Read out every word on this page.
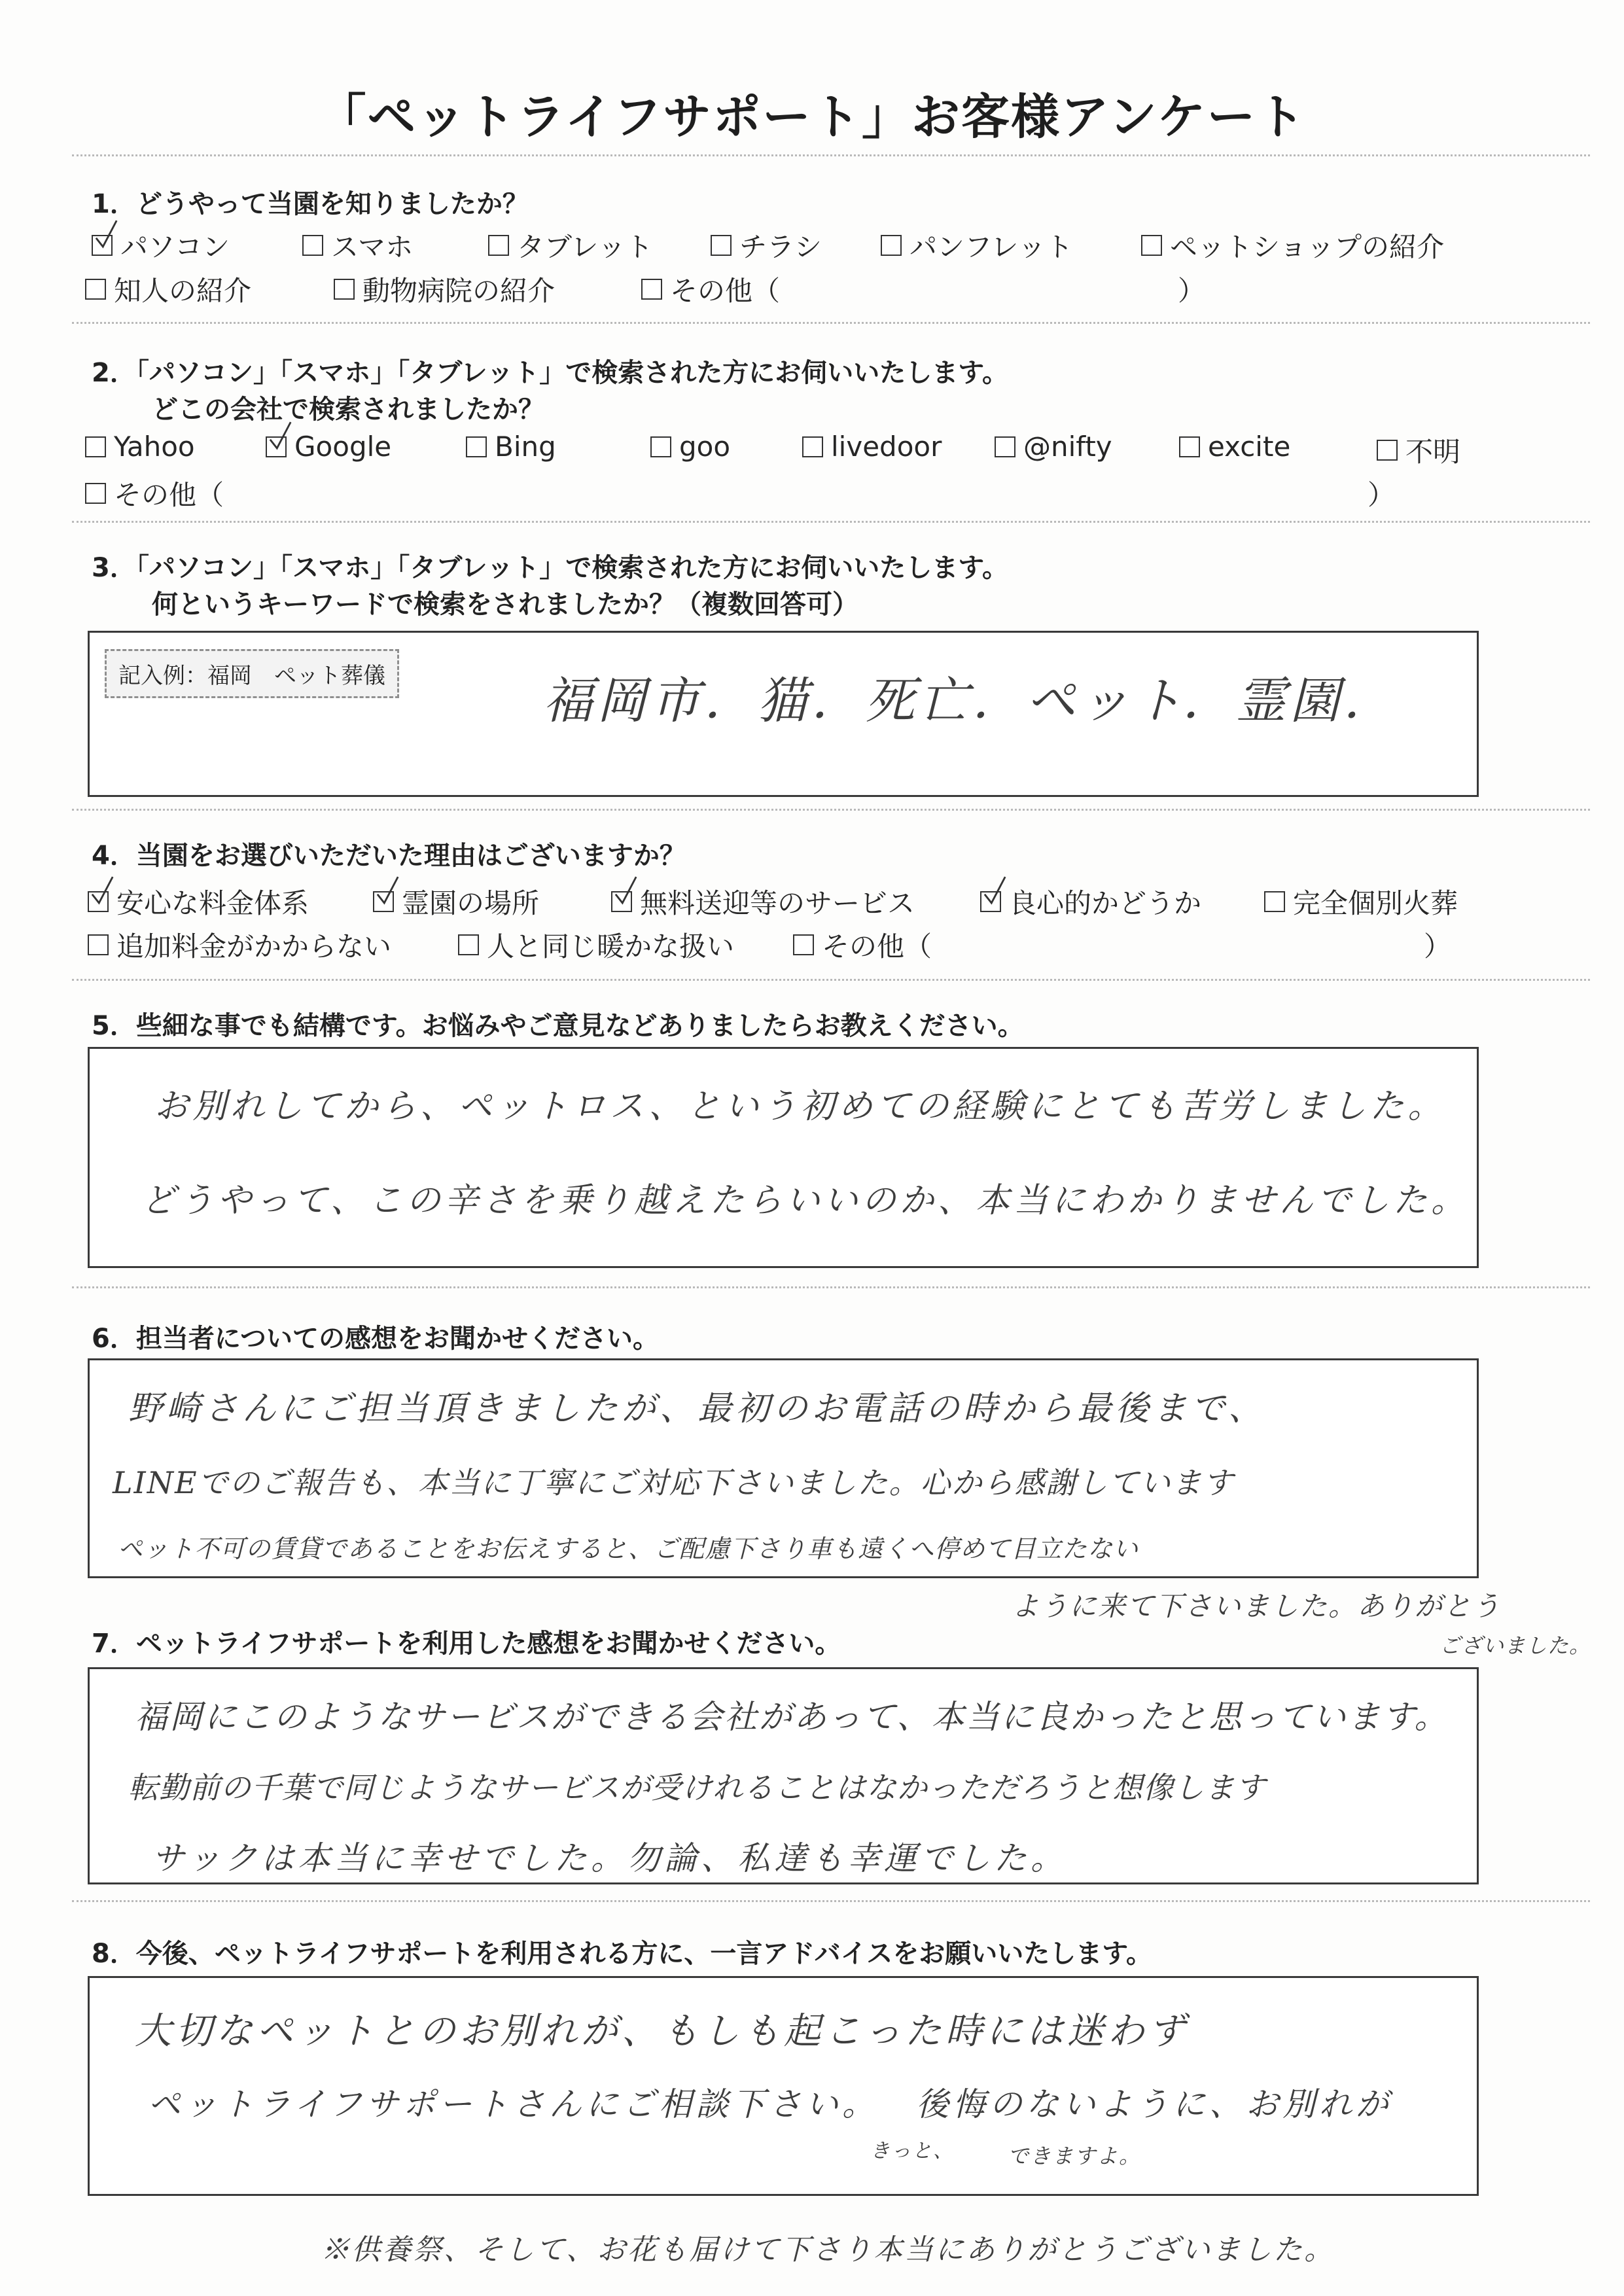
「ペットライフサポート」お客様アンケート
1．どうやって当園を知りましたか？
パソコン	スマホ	タブレット	チラシ	パンフレット	ペットショップの紹介
知人の紹介	動物病院の紹介	その他（	）
2．「パソコン」「スマホ」「タブレット」で検索された方にお伺いいたします。
どこの会社で検索されましたか？
Yahoo	Google	Bing	goo	livedoor	@nifty	excite	不明
その他（	）
3．「パソコン」「スマホ」「タブレット」で検索された方にお伺いいたします。
何というキーワードで検索をされましたか？（複数回答可）
記入例：福岡　ペット葬儀	福岡市．猫．死亡．ペット．霊園．
4．当園をお選びいただいた理由はございますか？
安心な料金体系	霊園の場所	無料送迎等のサービス	良心的かどうか	完全個別火葬
追加料金がかからない	人と同じ暖かな扱い	その他（	）
5．些細な事でも結構です。お悩みやご意見などありましたらお教えください。
お別れしてから、ペットロス、という初めての経験にとても苦労しました。
どうやって、この辛さを乗り越えたらいいのか、本当にわかりませんでした。
6．担当者についての感想をお聞かせください。
野崎さんにご担当頂きましたが、最初のお電話の時から最後まで、
LINEでのご報告も、本当に丁寧にご対応下さいました。心から感謝しています
ペット不可の賃貸であることをお伝えすると、ご配慮下さり車も遠くへ停めて目立たない
ように来て下さいました。ありがとう
ございました。
7．ペットライフサポートを利用した感想をお聞かせください。
福岡にこのようなサービスができる会社があって、本当に良かったと思っています。
転勤前の千葉で同じようなサービスが受けれることはなかっただろうと想像します
サックは本当に幸せでした。勿論、私達も幸運でした。
8．今後、ペットライフサポートを利用される方に、一言アドバイスをお願いいたします。
大切なペットとのお別れが、もしも起こった時には迷わず
ペットライフサポートさんにご相談下さい。 後悔のないように、お別れが
きっと、	できますよ。
※供養祭、そして、お花も届けて下さり本当にありがとうございました。
